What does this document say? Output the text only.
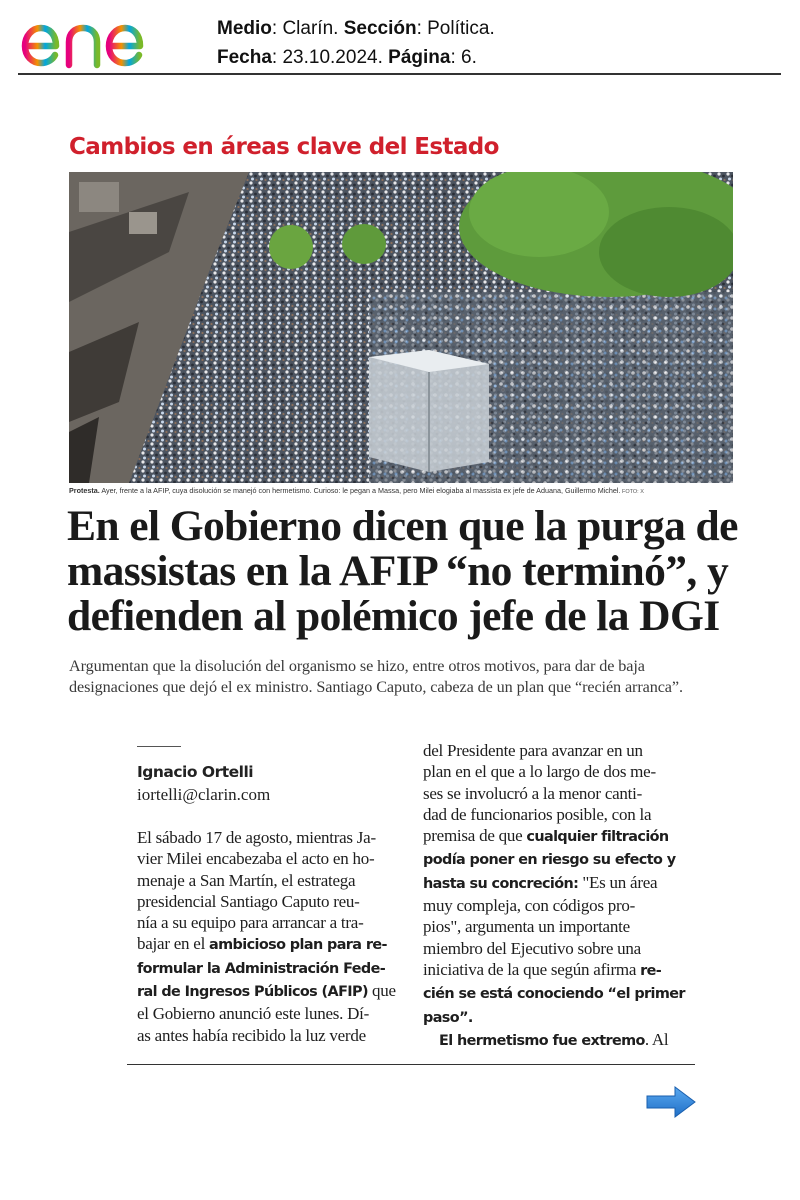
Medio: Clarín. Sección: Política.
Fecha: 23.10.2024. Página: 6.
Cambios en áreas clave del Estado
Protesta. Ayer, frente a la AFIP, cuya disolución se manejó con hermetismo. Curioso: le pegan a Massa, pero Milei elogiaba al massista ex jefe de Aduana, Guillermo Michel. FOTO: X
En el Gobierno dicen que la purga de
massistas en la AFIP “no terminó”, y
defienden al polémico jefe de la DGI

Argumentan que la disolución del organismo se hizo, entre otros motivos, para dar de baja
designaciones que dejó el ex ministro. Santiago Caputo, cabeza de un plan que “recién arranca”.

Ignacio Ortelli
iortelli@clarin.com
El sábado 17 de agosto, mientras Ja-
vier Milei encabezaba el acto en ho-
menaje a San Martín, el estratega
presidencial Santiago Caputo reu-
nía a su equipo para arrancar a tra-
bajar en el ambicioso plan para re-
formular la Administración Fede-
ral de Ingresos Públicos (AFIP) que
el Gobierno anunció este lunes. Dí-
as antes había recibido la luz verde
del Presidente para avanzar en un
plan en el que a lo largo de dos me-
ses se involucró a la menor canti-
dad de funcionarios posible, con la
premisa de que cualquier filtración
podía poner en riesgo su efecto y
hasta su concreción: "Es un área
muy compleja, con códigos pro-
pios", argumenta un importante
miembro del Ejecutivo sobre una
iniciativa de la que según afirma re-
cién se está conociendo “el primer
paso”.
El hermetismo fue extremo. Al
